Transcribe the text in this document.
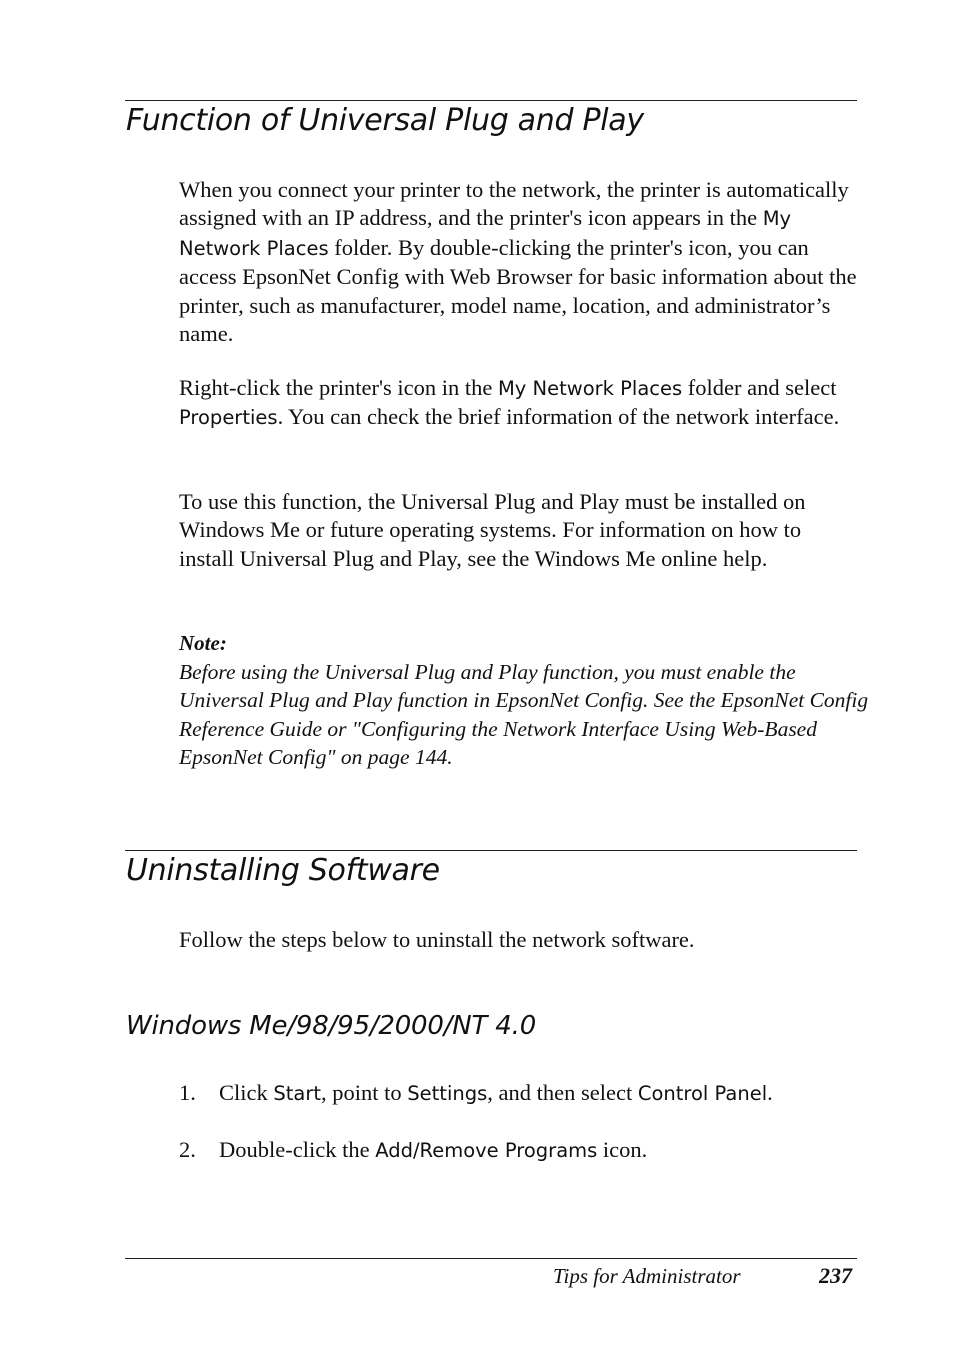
Function of Universal Plug and Play

When you connect your printer to the network, the printer is automatically assigned with an IP address, and the printer's icon appears in the My Network Places folder. By double-clicking the printer's icon, you can access EpsonNet Config with Web Browser for basic information about the printer, such as manufacturer, model name, location, and administrator’s name.

Right-click the printer's icon in the My Network Places folder and select Properties. You can check the brief information of the network interface.

To use this function, the Universal Plug and Play must be installed on Windows Me or future operating systems. For information on how to install Universal Plug and Play, see the Windows Me online help.

Note:

Before using the Universal Plug and Play function, you must enable the Universal Plug and Play function in EpsonNet Config. See the EpsonNet Config Reference Guide or "Configuring the Network Interface Using Web-Based EpsonNet Config" on page 144.

Uninstalling Software

Follow the steps below to uninstall the network software.

Windows Me/98/95/2000/NT 4.0

1. Click Start, point to Settings, and then select Control Panel.

2. Double-click the Add/Remove Programs icon.

Tips for Administrator	237
